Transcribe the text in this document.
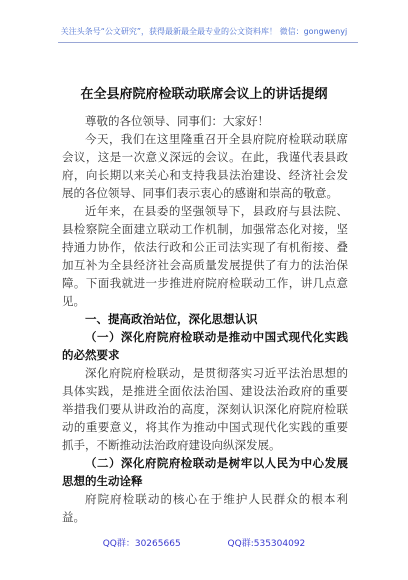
关注头条号“公文研究”，获得最新最全最专业的公文资料库！ 微信：gongwenyj
在全县府院府检联动联席会议上的讲话提纲

尊敬的各位领导、同事们：大家好！

今天，我们在这里隆重召开全县府院府检联动联席会议，这是一次意义深远的会议。在此，我谨代表县政府，向长期以来关心和支持我县法治建设、经济社会发展的各位领导、同事们表示衷心的感谢和崇高的敬意。

近年来，在县委的坚强领导下，县政府与县法院、县检察院全面建立联动工作机制，加强常态化对接，坚持通力协作，依法行政和公正司法实现了有机衔接、叠加互补为全县经济社会高质量发展提供了有力的法治保障。下面我就进一步推进府院府检联动工作，讲几点意见。

一、提高政治站位，深化思想认识

（一）深化府院府检联动是推动中国式现代化实践的必然要求

深化府院府检联动，是贯彻落实习近平法治思想的具体实践，是推进全面依法治国、建设法治政府的重要举措我们要从讲政治的高度，深刻认识深化府院府检联动的重要意义，将其作为推动中国式现代化实践的重要抓手，不断推动法治政府建设向纵深发展。

QQ群：30265665	QQ群:535304092

（二）深化府院府检联动是树牢以人民为中心发展思想的生动诠释

府院府检联动的核心在于维护人民群众的根本利益。
